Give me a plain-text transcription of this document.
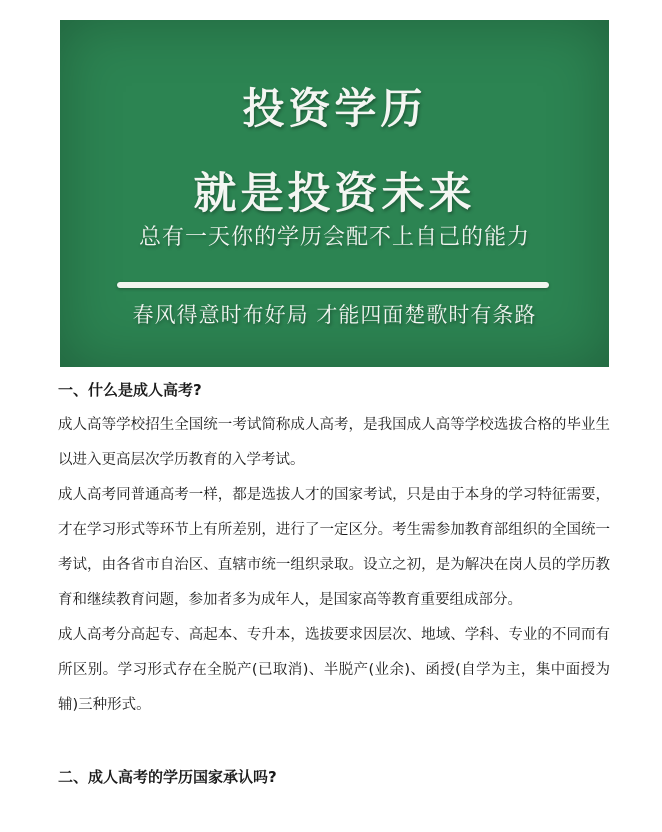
投资学历
就是投资未来
总有一天你的学历会配不上自己的能力
春风得意时布好局 才能四面楚歌时有条路
一、什么是成人高考?

成人高等学校招生全国统一考试简称成人高考，是我国成人高等学校选拔合格的毕业生以进入更高层次学历教育的入学考试。

成人高考同普通高考一样，都是选拔人才的国家考试，只是由于本身的学习特征需要，才在学习形式等环节上有所差别，进行了一定区分。考生需参加教育部组织的全国统一考试，由各省市自治区、直辖市统一组织录取。设立之初，是为解决在岗人员的学历教育和继续教育问题，参加者多为成年人，是国家高等教育重要组成部分。

成人高考分高起专、高起本、专升本，选拔要求因层次、地域、学科、专业的不同而有所区别。学习形式存在全脱产(已取消)、半脱产(业余)、函授(自学为主，集中面授为辅)三种形式。

二、成人高考的学历国家承认吗?
